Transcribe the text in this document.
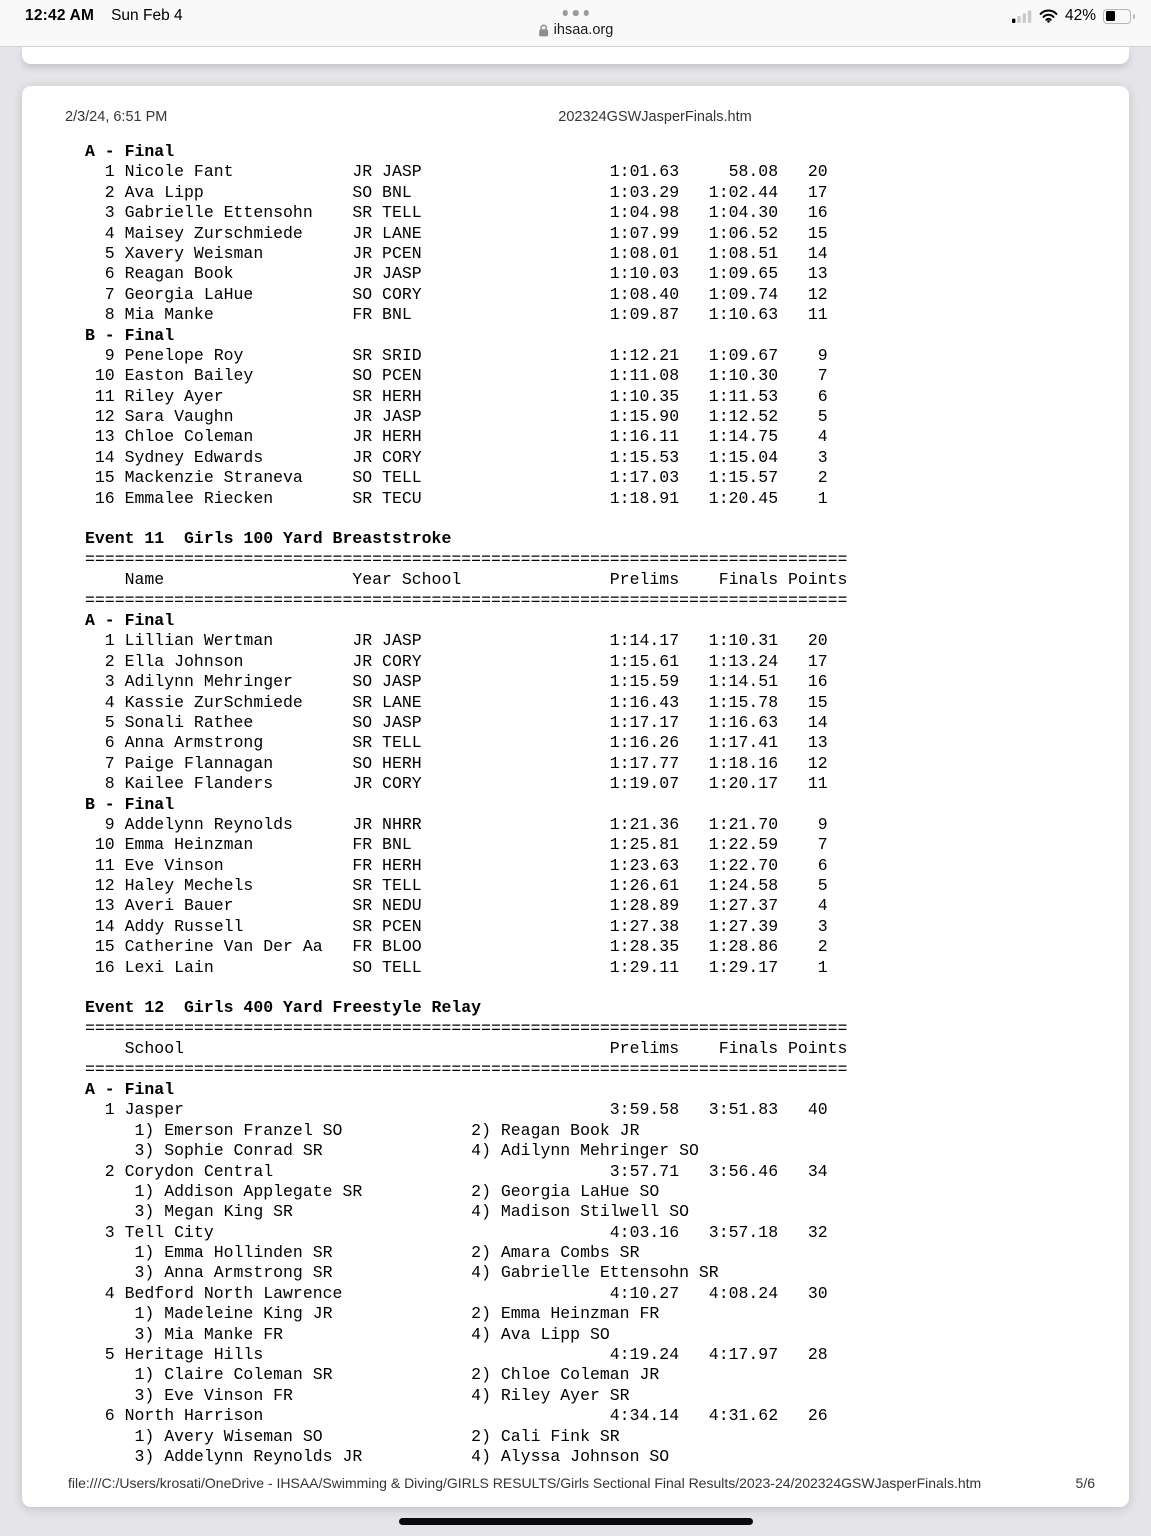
12:42 AM Sun Feb 4
ihsaa.org
42%
2/3/24, 6:51 PM	202324GSWJasperFinals.htm
A - Final
1 Nicole Fant            JR JASP                   1:01.63     58.08   20
2 Ava Lipp               SO BNL                    1:03.29   1:02.44   17
3 Gabrielle Ettensohn    SR TELL                   1:04.98   1:04.30   16
4 Maisey Zurschmiede     JR LANE                   1:07.99   1:06.52   15
5 Xavery Weisman         JR PCEN                   1:08.01   1:08.51   14
6 Reagan Book            JR JASP                   1:10.03   1:09.65   13
7 Georgia LaHue          SO CORY                   1:08.40   1:09.74   12
8 Mia Manke              FR BNL                    1:09.87   1:10.63   11
B - Final
9 Penelope Roy           SR SRID                   1:12.21   1:09.67    9
10 Easton Bailey          SO PCEN                   1:11.08   1:10.30    7
11 Riley Ayer             SR HERH                   1:10.35   1:11.53    6
12 Sara Vaughn            JR JASP                   1:15.90   1:12.52    5
13 Chloe Coleman          JR HERH                   1:16.11   1:14.75    4
14 Sydney Edwards         JR CORY                   1:15.53   1:15.04    3
15 Mackenzie Straneva     SO TELL                   1:17.03   1:15.57    2
16 Emmalee Riecken        SR TECU                   1:18.91   1:20.45    1

Event 11  Girls 100 Yard Breaststroke
=============================================================================
Name                   Year School               Prelims    Finals Points
=============================================================================
A - Final
1 Lillian Wertman        JR JASP                   1:14.17   1:10.31   20
2 Ella Johnson           JR CORY                   1:15.61   1:13.24   17
3 Adilynn Mehringer      SO JASP                   1:15.59   1:14.51   16
4 Kassie ZurSchmiede     SR LANE                   1:16.43   1:15.78   15
5 Sonali Rathee          SO JASP                   1:17.17   1:16.63   14
6 Anna Armstrong         SR TELL                   1:16.26   1:17.41   13
7 Paige Flannagan        SO HERH                   1:17.77   1:18.16   12
8 Kailee Flanders        JR CORY                   1:19.07   1:20.17   11
B - Final
9 Addelynn Reynolds      JR NHRR                   1:21.36   1:21.70    9
10 Emma Heinzman          FR BNL                    1:25.81   1:22.59    7
11 Eve Vinson             FR HERH                   1:23.63   1:22.70    6
12 Haley Mechels          SR TELL                   1:26.61   1:24.58    5
13 Averi Bauer            SR NEDU                   1:28.89   1:27.37    4
14 Addy Russell           SR PCEN                   1:27.38   1:27.39    3
15 Catherine Van Der Aa   FR BLOO                   1:28.35   1:28.86    2
16 Lexi Lain              SO TELL                   1:29.11   1:29.17    1

Event 12  Girls 400 Yard Freestyle Relay
=============================================================================
School                                           Prelims    Finals Points
=============================================================================
A - Final
1 Jasper                                           3:59.58   3:51.83   40
1) Emerson Franzel SO             2) Reagan Book JR
3) Sophie Conrad SR               4) Adilynn Mehringer SO
2 Corydon Central                                  3:57.71   3:56.46   34
1) Addison Applegate SR           2) Georgia LaHue SO
3) Megan King SR                  4) Madison Stilwell SO
3 Tell City                                        4:03.16   3:57.18   32
1) Emma Hollinden SR              2) Amara Combs SR
3) Anna Armstrong SR              4) Gabrielle Ettensohn SR
4 Bedford North Lawrence                           4:10.27   4:08.24   30
1) Madeleine King JR              2) Emma Heinzman FR
3) Mia Manke FR                   4) Ava Lipp SO
5 Heritage Hills                                   4:19.24   4:17.97   28
1) Claire Coleman SR              2) Chloe Coleman JR
3) Eve Vinson FR                  4) Riley Ayer SR
6 North Harrison                                   4:34.14   4:31.62   26
1) Avery Wiseman SO               2) Cali Fink SR
3) Addelynn Reynolds JR           4) Alyssa Johnson SO
file:///C:/Users/krosati/OneDrive - IHSAA/Swimming & Diving/GIRLS RESULTS/Girls Sectional Final Results/2023-24/202324GSWJasperFinals.htm	5/6
